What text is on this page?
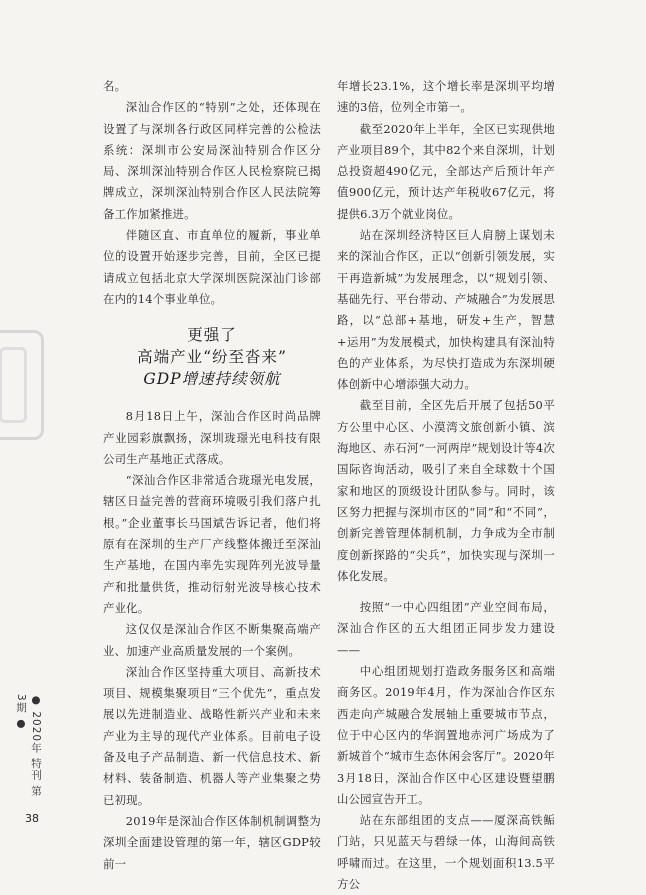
名。

深汕合作区的“特别”之处，还体现在设置了与深圳各行政区同样完善的公检法系统：深圳市公安局深汕特别合作区分局、深圳深汕特别合作区人民检察院已揭牌成立，深圳深汕特别合作区人民法院筹备工作加紧推进。

伴随区直、市直单位的履新，事业单位的设置开始逐步完善，目前，全区已提请成立包括北京大学深圳医院深汕门诊部在内的14个事业单位。

更强了
高端产业“纷至沓来”
GDP增速持续领航

8月18日上午，深汕合作区时尚品牌产业园彩旗飘扬，深圳珑璟光电科技有限公司生产基地正式落成。

“深汕合作区非常适合珑璟光电发展，辖区日益完善的营商环境吸引我们落户扎根。”企业董事长马国斌告诉记者，他们将原有在深圳的生产厂产线整体搬迁至深汕生产基地，在国内率先实现阵列光波导量产和批量供货，推动衍射光波导核心技术产业化。

这仅仅是深汕合作区不断集聚高端产业、加速产业高质量发展的一个案例。

深汕合作区坚持重大项目、高新技术项目、规模集聚项目“三个优先”，重点发展以先进制造业、战略性新兴产业和未来产业为主导的现代产业体系。目前电子设备及电子产品制造、新一代信息技术、新材料、装备制造、机器人等产业集聚之势已初现。

2019年是深汕合作区体制机制调整为深圳全面建设管理的第一年，辖区GDP较前一

年增长23.1%，这个增长率是深圳平均增速的3倍，位列全市第一。

截至2020年上半年，全区已实现供地产业项目89个，其中82个来自深圳，计划总投资超490亿元，全部达产后预计年产值900亿元，预计达产年税收67亿元，将提供6.3万个就业岗位。

站在深圳经济特区巨人肩膀上谋划未来的深汕合作区，正以“创新引领发展，实干再造新城”为发展理念，以“规划引领、基础先行、平台带动、产城融合”为发展思路，以“总部+基地，研发+生产，智慧+运用”为发展模式，加快构建具有深汕特色的产业体系，为尽快打造成为东深圳硬体创新中心增添强大动力。

截至目前，全区先后开展了包括50平方公里中心区、小漠湾文旅创新小镇、滨海地区、赤石河“一河两岸”规划设计等4次国际咨询活动，吸引了来自全球数十个国家和地区的顶级设计团队参与。同时，该区努力把握与深圳市区的“同”和“不同”，创新完善管理体制机制，力争成为全市制度创新探路的“尖兵”，加快实现与深圳一体化发展。

按照“一中心四组团”产业空间布局，深汕合作区的五大组团正同步发力建设——

中心组团规划打造政务服务区和高端商务区。2019年4月，作为深汕合作区东西走向产城融合发展轴上重要城市节点，位于中心区内的华润置地赤河广场成为了新城首个“城市生态休闲会客厅”。2020年3月18日，深汕合作区中心区建设暨望鹏山公园宣告开工。

站在东部组团的支点——厦深高铁鲘门站，只见蓝天与碧绿一体，山海间高铁呼啸而过。在这里，一个规划面积13.5平方公

● 2020年 特刊 第3期 ●
38
